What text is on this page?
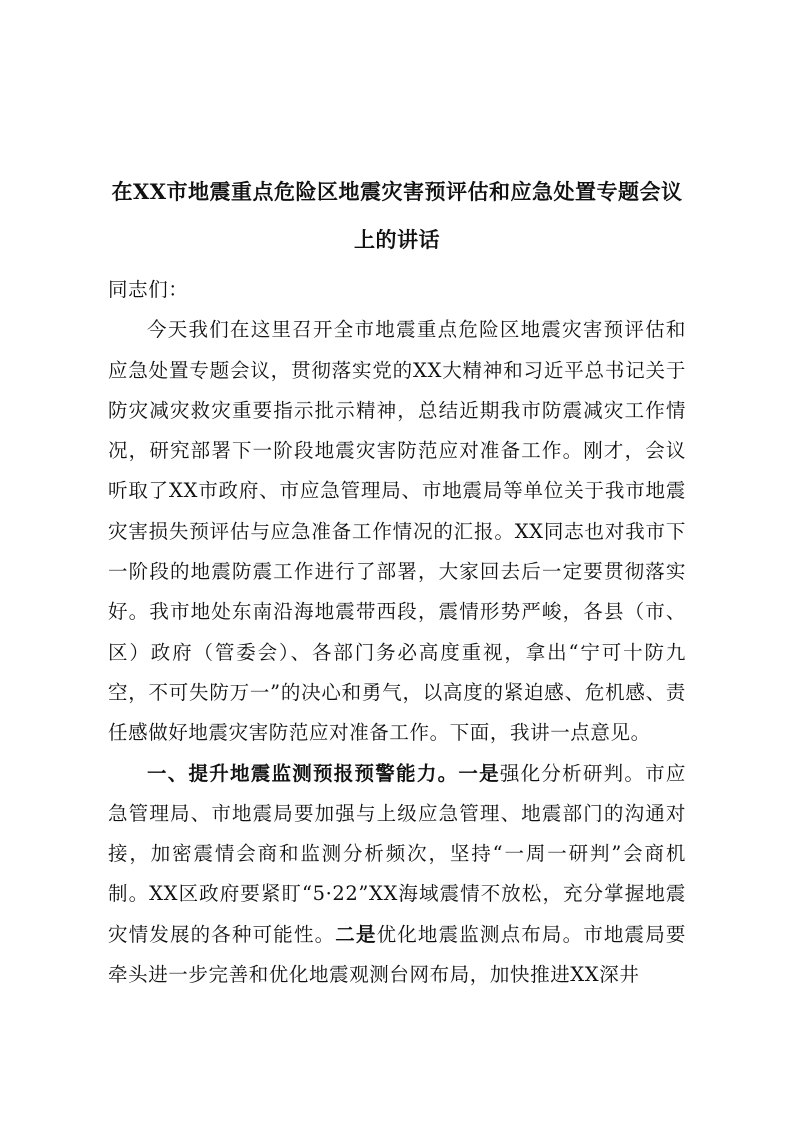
在XX市地震重点危险区地震灾害预评估和应急处置专题会议上的讲话

同志们：

今天我们在这里召开全市地震重点危险区地震灾害预评估和应急处置专题会议，贯彻落实党的XX大精神和习近平总书记关于防灾减灾救灾重要指示批示精神，总结近期我市防震减灾工作情况，研究部署下一阶段地震灾害防范应对准备工作。刚才，会议听取了XX市政府、市应急管理局、市地震局等单位关于我市地震灾害损失预评估与应急准备工作情况的汇报。XX同志也对我市下一阶段的地震防震工作进行了部署，大家回去后一定要贯彻落实好。我市地处东南沿海地震带西段，震情形势严峻，各县（市、区）政府（管委会）、各部门务必高度重视，拿出“宁可十防九空，不可失防万一”的决心和勇气，以高度的紧迫感、危机感、责任感做好地震灾害防范应对准备工作。下面，我讲一点意见。

一、提升地震监测预报预警能力。一是强化分析研判。市应急管理局、市地震局要加强与上级应急管理、地震部门的沟通对接，加密震情会商和监测分析频次，坚持“一周一研判”会商机制。XX区政府要紧盯“5·22”XX海域震情不放松，充分掌握地震灾情发展的各种可能性。二是优化地震监测点布局。市地震局要牵头进一步完善和优化地震观测台网布局，加快推进XX深井
